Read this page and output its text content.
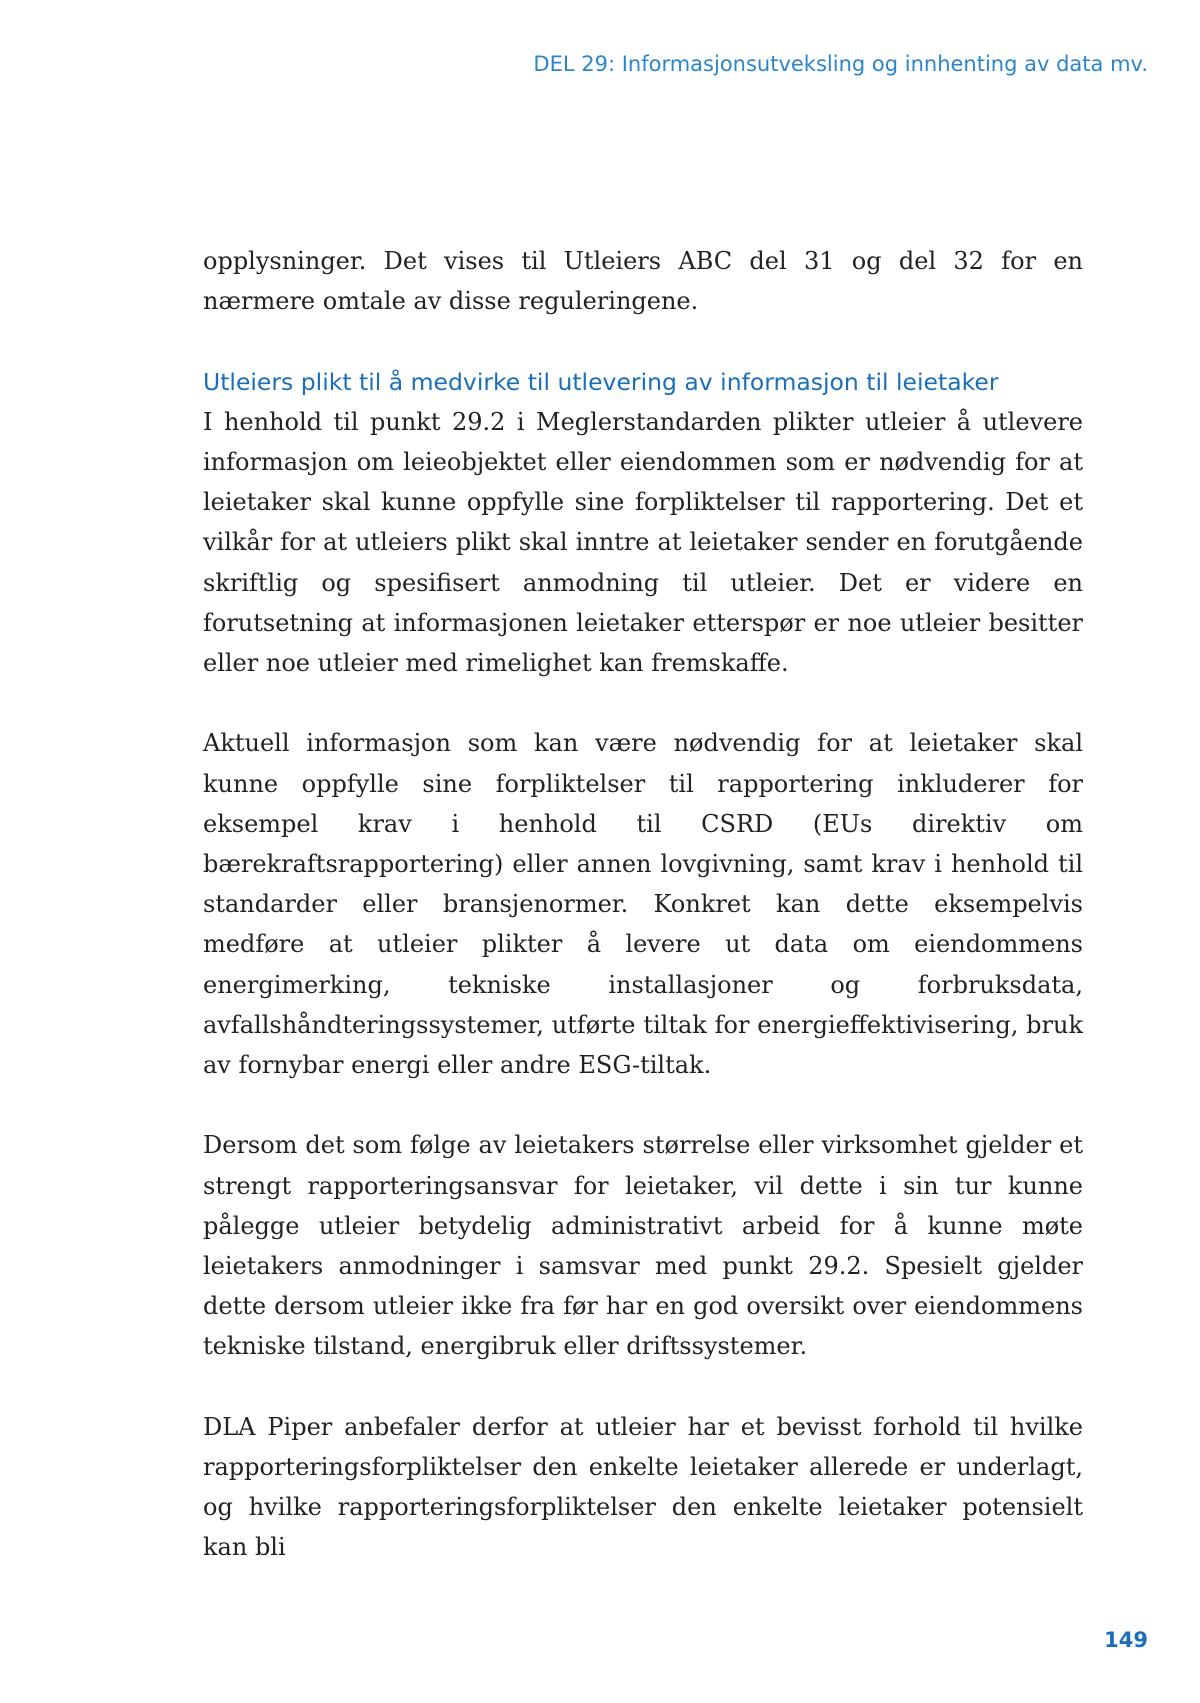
DEL 29: Informasjonsutveksling og innhenting av data mv.

opplysninger. Det vises til Utleiers ABC del 31 og del 32 for en nærmere omtale av disse reguleringene.

Utleiers plikt til å medvirke til utlevering av informasjon til leietaker

I henhold til punkt 29.2 i Meglerstandarden plikter utleier å utlevere informasjon om leieobjektet eller eiendommen som er nødvendig for at leietaker skal kunne oppfylle sine forpliktelser til rapportering. Det et vilkår for at utleiers plikt skal inntre at leietaker sender en forutgående skriftlig og spesifisert anmodning til utleier. Det er videre en forutsetning at informasjonen leietaker etterspør er noe utleier besitter eller noe utleier med rimelighet kan fremskaffe.

Aktuell informasjon som kan være nødvendig for at leietaker skal kunne oppfylle sine forpliktelser til rapportering inkluderer for eksempel krav i henhold til CSRD (EUs direktiv om bærekraftsrapportering) eller annen lovgivning, samt krav i henhold til standarder eller bransjenormer. Konkret kan dette eksempelvis medføre at utleier plikter å levere ut data om eiendommens energimerking, tekniske installasjoner og forbruksdata, avfallshåndteringssystemer, utførte tiltak for energieffektivisering, bruk av fornybar energi eller andre ESG-tiltak.

Dersom det som følge av leietakers størrelse eller virksomhet gjelder et strengt rapporteringsansvar for leietaker, vil dette i sin tur kunne pålegge utleier betydelig administrativt arbeid for å kunne møte leietakers anmodninger i samsvar med punkt 29.2. Spesielt gjelder dette dersom utleier ikke fra før har en god oversikt over eiendommens tekniske tilstand, energibruk eller driftssystemer.

DLA Piper anbefaler derfor at utleier har et bevisst forhold til hvilke rapporteringsforpliktelser den enkelte leietaker allerede er underlagt, og hvilke rapporteringsforpliktelser den enkelte leietaker potensielt kan bli

149
